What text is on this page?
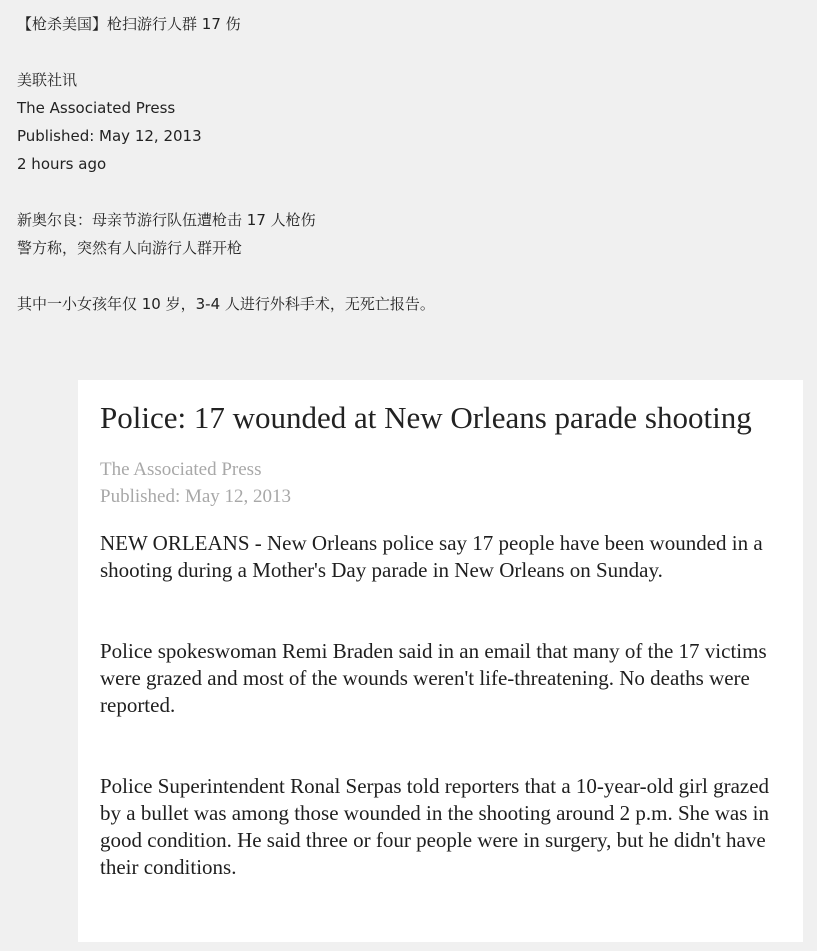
【枪杀美国】枪扫游行人群 17 伤
美联社讯
The Associated Press
Published: May 12, 2013
2 hours ago
新奥尔良：母亲节游行队伍遭枪击 17 人枪伤
警方称，突然有人向游行人群开枪
其中一小女孩年仅 10 岁，3-4 人进行外科手术，无死亡报告。
Police: 17 wounded at New Orleans parade shooting
The Associated Press
Published: May 12, 2013

NEW ORLEANS - New Orleans police say 17 people have been wounded in a shooting during a Mother's Day parade in New Orleans on Sunday.

Police spokeswoman Remi Braden said in an email that many of the 17 victims were grazed and most of the wounds weren't life-threatening. No deaths were reported.

Police Superintendent Ronal Serpas told reporters that a 10-year-old girl grazed by a bullet was among those wounded in the shooting around 2 p.m. She was in good condition. He said three or four people were in surgery, but he didn't have their conditions.
